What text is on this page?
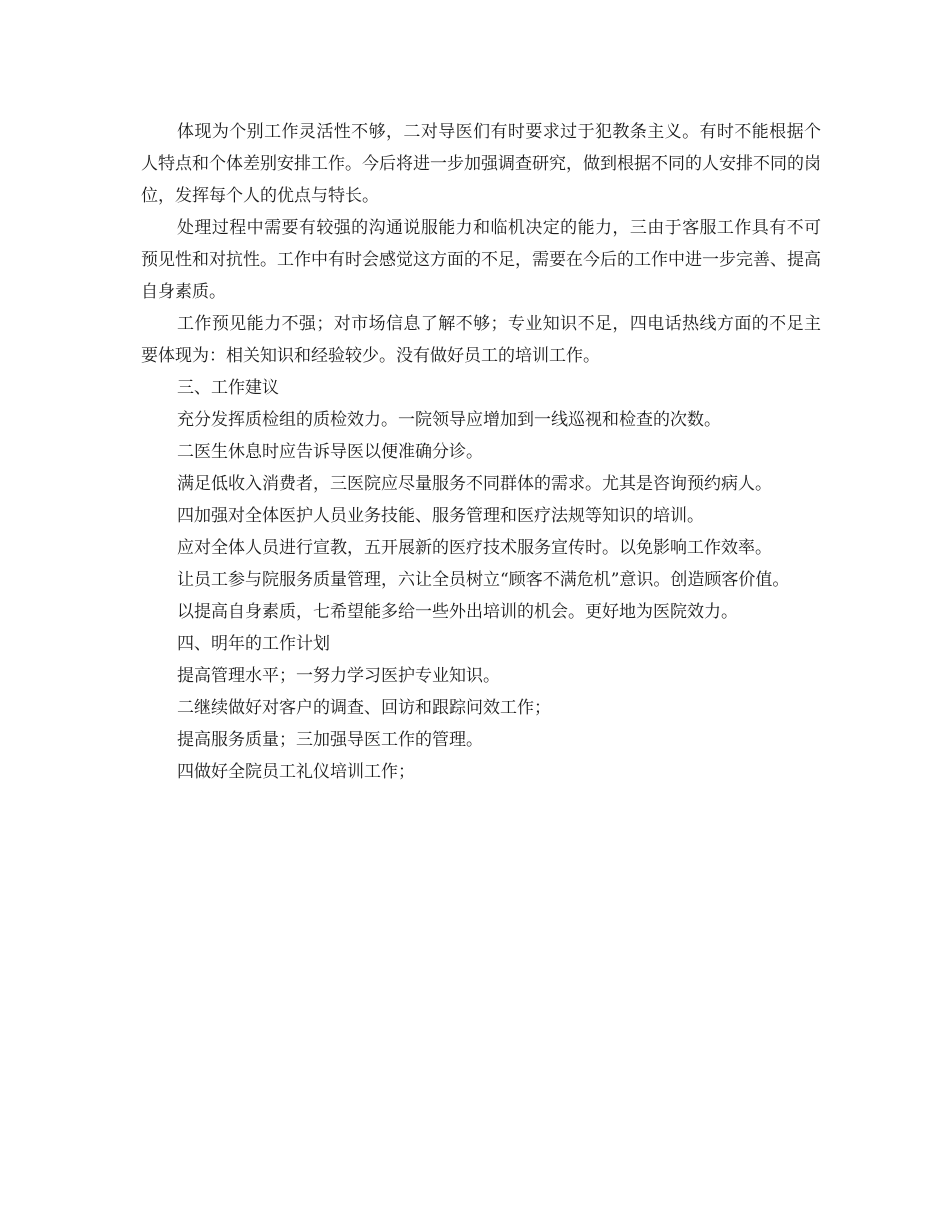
体现为个别工作灵活性不够，二对导医们有时要求过于犯教条主义。有时不能根据个人特点和个体差别安排工作。今后将进一步加强调查研究，做到根据不同的人安排不同的岗位，发挥每个人的优点与特长。

处理过程中需要有较强的沟通说服能力和临机决定的能力，三由于客服工作具有不可预见性和对抗性。工作中有时会感觉这方面的不足，需要在今后的工作中进一步完善、提高自身素质。

工作预见能力不强；对市场信息了解不够；专业知识不足，四电话热线方面的不足主要体现为：相关知识和经验较少。没有做好员工的培训工作。

三、工作建议

充分发挥质检组的质检效力。一院领导应增加到一线巡视和检查的次数。

二医生休息时应告诉导医以便准确分诊。

满足低收入消费者，三医院应尽量服务不同群体的需求。尤其是咨询预约病人。

四加强对全体医护人员业务技能、服务管理和医疗法规等知识的培训。

应对全体人员进行宣教，五开展新的医疗技术服务宣传时。以免影响工作效率。

让员工参与院服务质量管理，六让全员树立“顾客不满危机”意识。创造顾客价值。

以提高自身素质，七希望能多给一些外出培训的机会。更好地为医院效力。

四、明年的工作计划

提高管理水平；一努力学习医护专业知识。

二继续做好对客户的调查、回访和跟踪问效工作；

提高服务质量；三加强导医工作的管理。

四做好全院员工礼仪培训工作；
